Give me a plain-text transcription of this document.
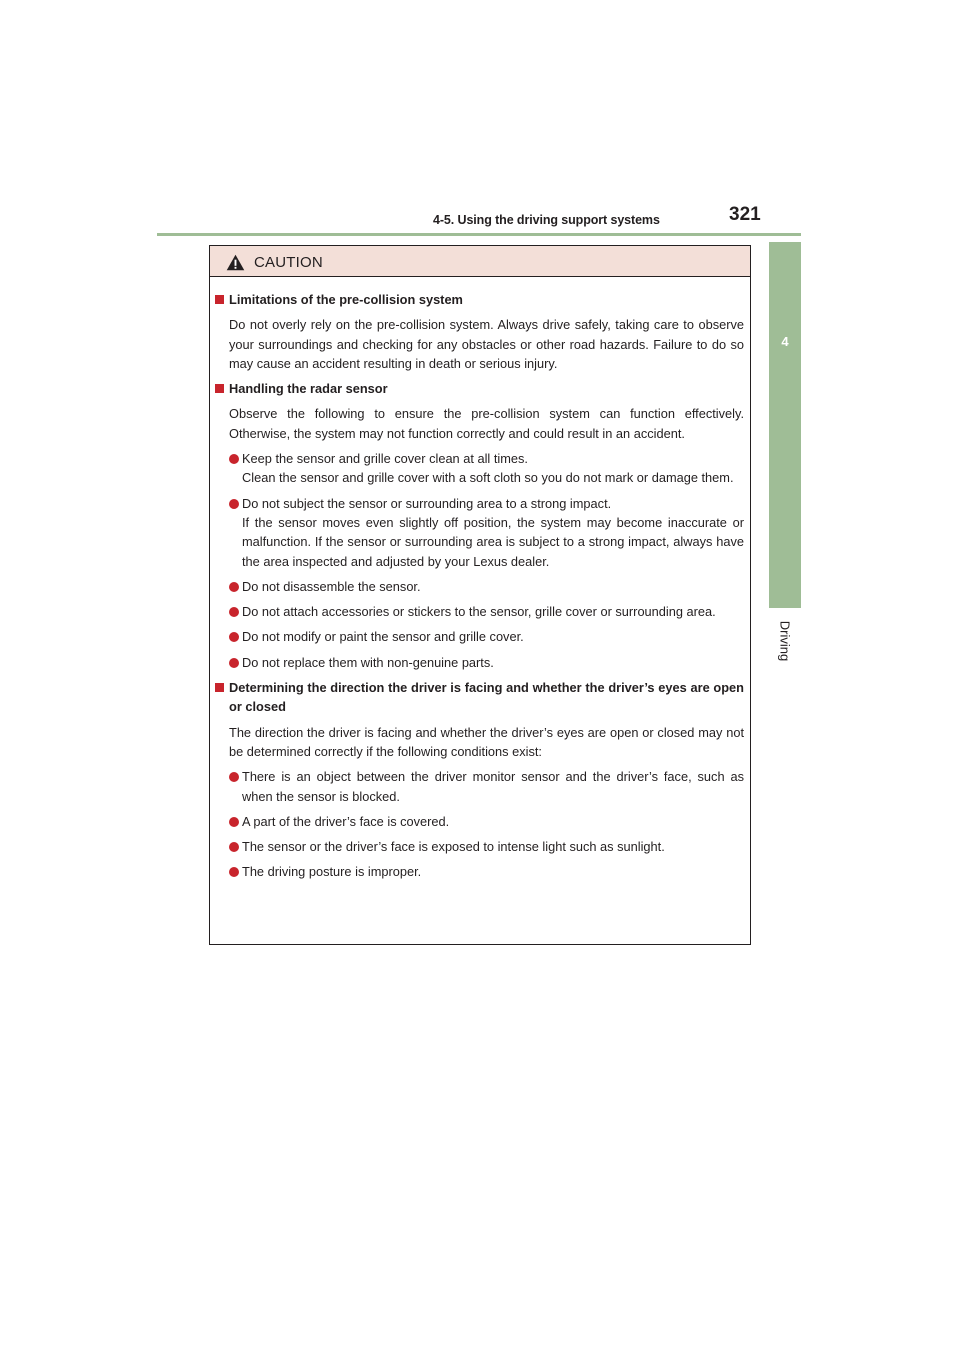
4-5. Using the driving support systems	321
4
Driving
CAUTION
Limitations of the pre-collision system

Do not overly rely on the pre-collision system. Always drive safely, taking care to observe your surroundings and checking for any obstacles or other road hazards. Failure to do so may cause an accident resulting in death or serious injury.

Handling the radar sensor

Observe the following to ensure the pre-collision system can function effectively. Otherwise, the system may not function correctly and could result in an accident.

Keep the sensor and grille cover clean at all times.
Clean the sensor and grille cover with a soft cloth so you do not mark or damage them.
Do not subject the sensor or surrounding area to a strong impact.
If the sensor moves even slightly off position, the system may become inaccurate or malfunction. If the sensor or surrounding area is subject to a strong impact, always have the area inspected and adjusted by your Lexus dealer.
Do not disassemble the sensor.
Do not attach accessories or stickers to the sensor, grille cover or surrounding area.
Do not modify or paint the sensor and grille cover.
Do not replace them with non-genuine parts.
Determining the direction the driver is facing and whether the driver’s eyes are open or closed

The direction the driver is facing and whether the driver’s eyes are open or closed may not be determined correctly if the following conditions exist:

There is an object between the driver monitor sensor and the driver’s face, such as when the sensor is blocked.
A part of the driver’s face is covered.
The sensor or the driver’s face is exposed to intense light such as sunlight.
The driving posture is improper.
